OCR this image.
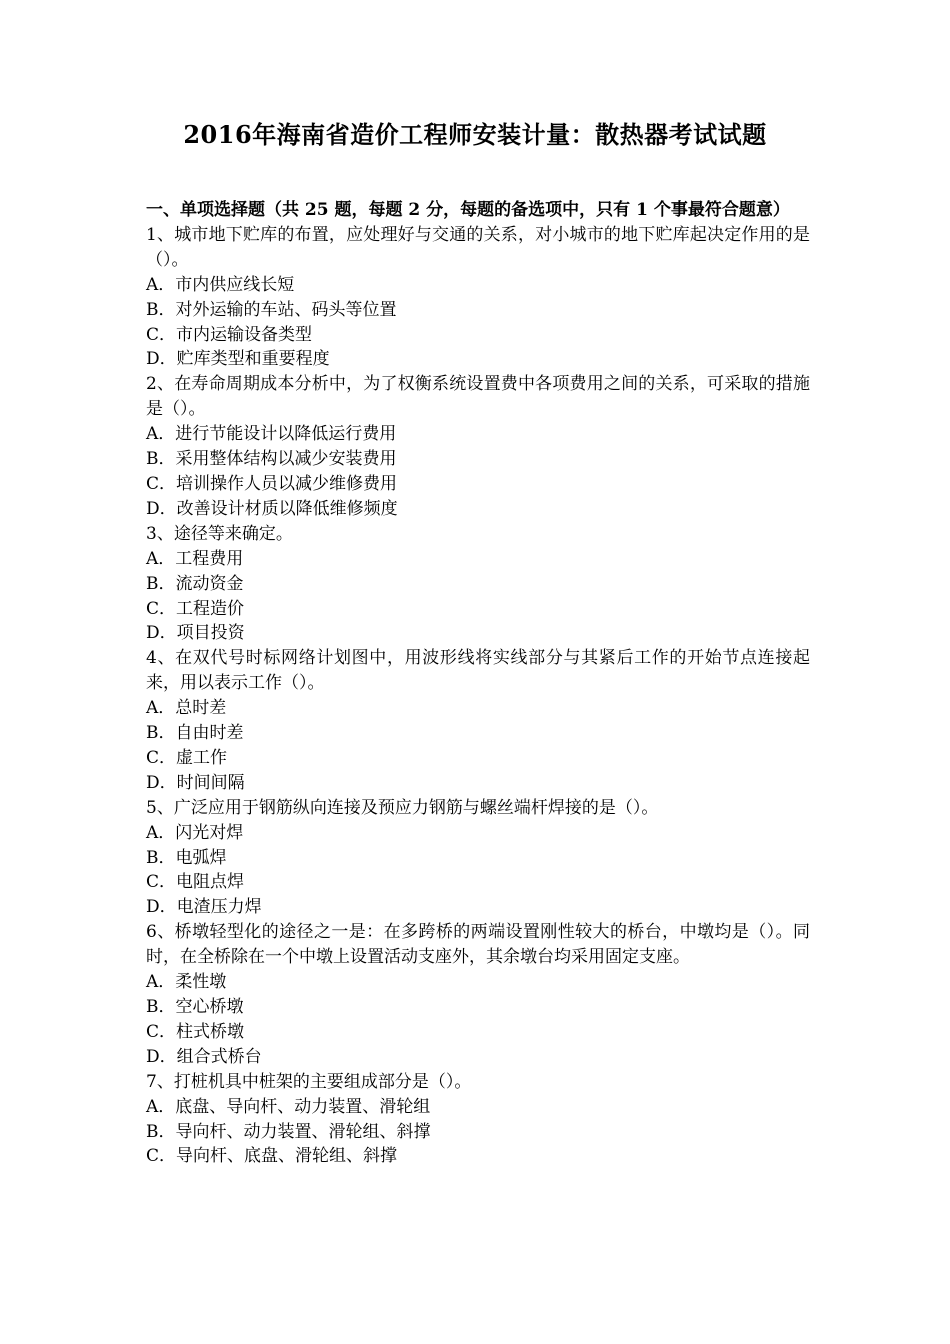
2016年海南省造价工程师安装计量：散热器考试试题

一、单项选择题（共 25 题，每题 2 分，每题的备选项中，只有 1 个事最符合题意）

1、城市地下贮库的布置，应处理好与交通的关系，对小城市的地下贮库起决定作用的是（）。

A．市内供应线长短

B．对外运输的车站、码头等位置

C．市内运输设备类型

D．贮库类型和重要程度

2、在寿命周期成本分析中，为了权衡系统设置费中各项费用之间的关系，可采取的措施是（）。

A．进行节能设计以降低运行费用

B．采用整体结构以减少安装费用

C．培训操作人员以减少维修费用

D．改善设计材质以降低维修频度

3、途径等来确定。

A．工程费用

B．流动资金

C．工程造价

D．项目投资

4、在双代号时标网络计划图中，用波形线将实线部分与其紧后工作的开始节点连接起来，用以表示工作（）。

A．总时差

B．自由时差

C．虚工作

D．时间间隔

5、广泛应用于钢筋纵向连接及预应力钢筋与螺丝端杆焊接的是（）。

A．闪光对焊

B．电弧焊

C．电阻点焊

D．电渣压力焊

6、桥墩轻型化的途径之一是：在多跨桥的两端设置刚性较大的桥台，中墩均是（）。同时，在全桥除在一个中墩上设置活动支座外，其余墩台均采用固定支座。

A．柔性墩

B．空心桥墩

C．柱式桥墩

D．组合式桥台

7、打桩机具中桩架的主要组成部分是（）。

A．底盘、导向杆、动力装置、滑轮组

B．导向杆、动力装置、滑轮组、斜撑

C．导向杆、底盘、滑轮组、斜撑
